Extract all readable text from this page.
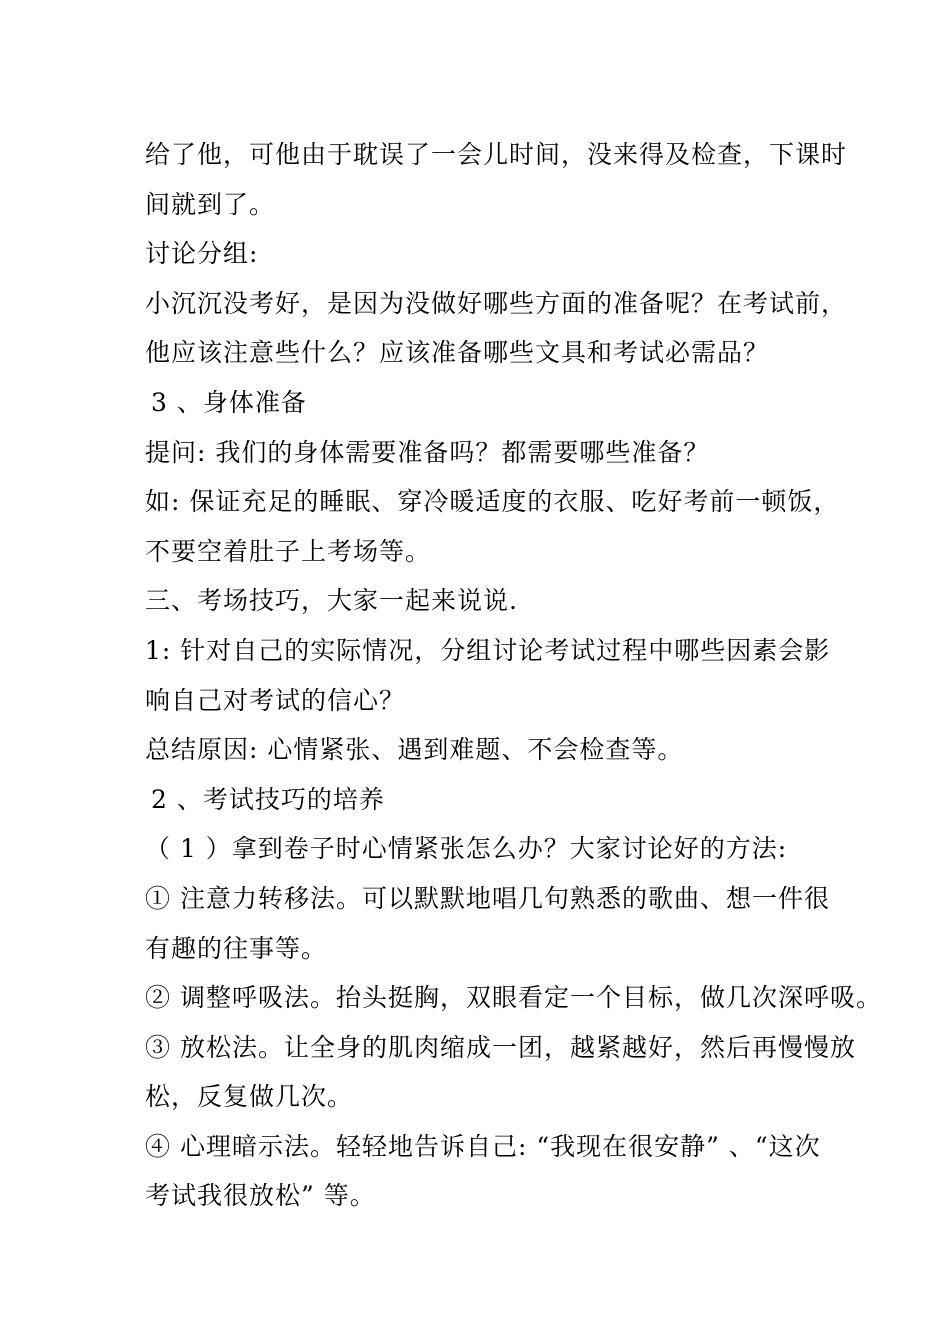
给了他，可他由于耽误了一会儿时间，没来得及检查，下课时

间就到了。

讨论分组:

小沉沉没考好，是因为没做好哪些方面的准备呢？在考试前，

他应该注意些什么？应该准备哪些文具和考试必需品？

3 、身体准备

提问: 我们的身体需要准备吗？都需要哪些准备？

如: 保证充足的睡眠、穿冷暖适度的衣服、吃好考前一顿饭，

不要空着肚子上考场等。

三、考场技巧，大家一起来说说.

1: 针对自己的实际情况，分组讨论考试过程中哪些因素会影

响自己对考试的信心？

总结原因: 心情紧张、遇到难题、不会检查等。

2 、考试技巧的培养

（ 1 ）拿到卷子时心情紧张怎么办？大家讨论好的方法:

① 注意力转移法。可以默默地唱几句熟悉的歌曲、想一件很

有趣的往事等。

② 调整呼吸法。抬头挺胸，双眼看定一个目标，做几次深呼吸。

③ 放松法。让全身的肌肉缩成一团，越紧越好，然后再慢慢放

松，反复做几次。

④ 心理暗示法。轻轻地告诉自己: “我现在很安静” 、“这次

考试我很放松” 等。
